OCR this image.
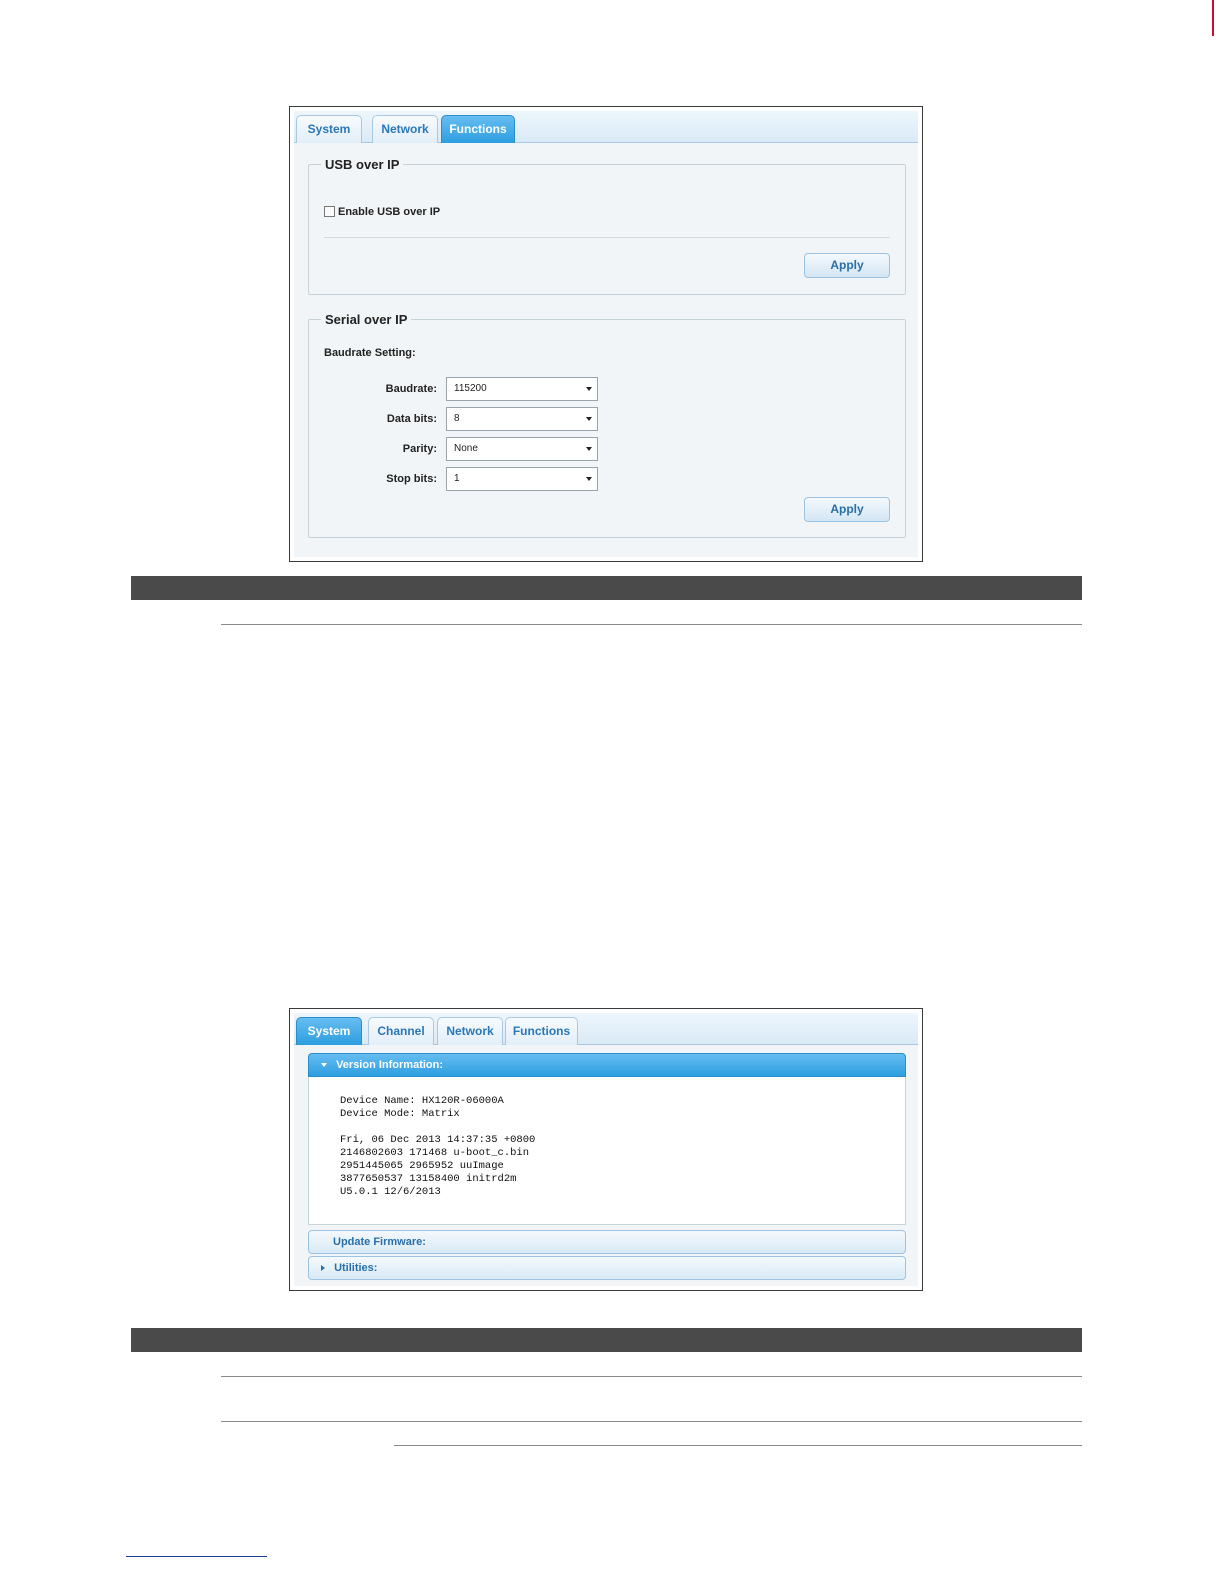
System	Network	Functions
USB over IP
Enable USB over IP
Apply
Serial over IP
Baudrate Setting:
Baudrate:	115200
Data bits:	8
Parity:	None
Stop bits:	1
Apply
System	Channel	Network	Functions
Version Information:
Device Name: HX120R-06000A
Device Mode: Matrix
Fri, 06 Dec 2013 14:37:35 +0800
2146802603 171468 u-boot_c.bin
2951445065 2965952 uuImage
3877650537 13158400 initrd2m
U5.0.1 12/6/2013
Update Firmware:
Utilities:
